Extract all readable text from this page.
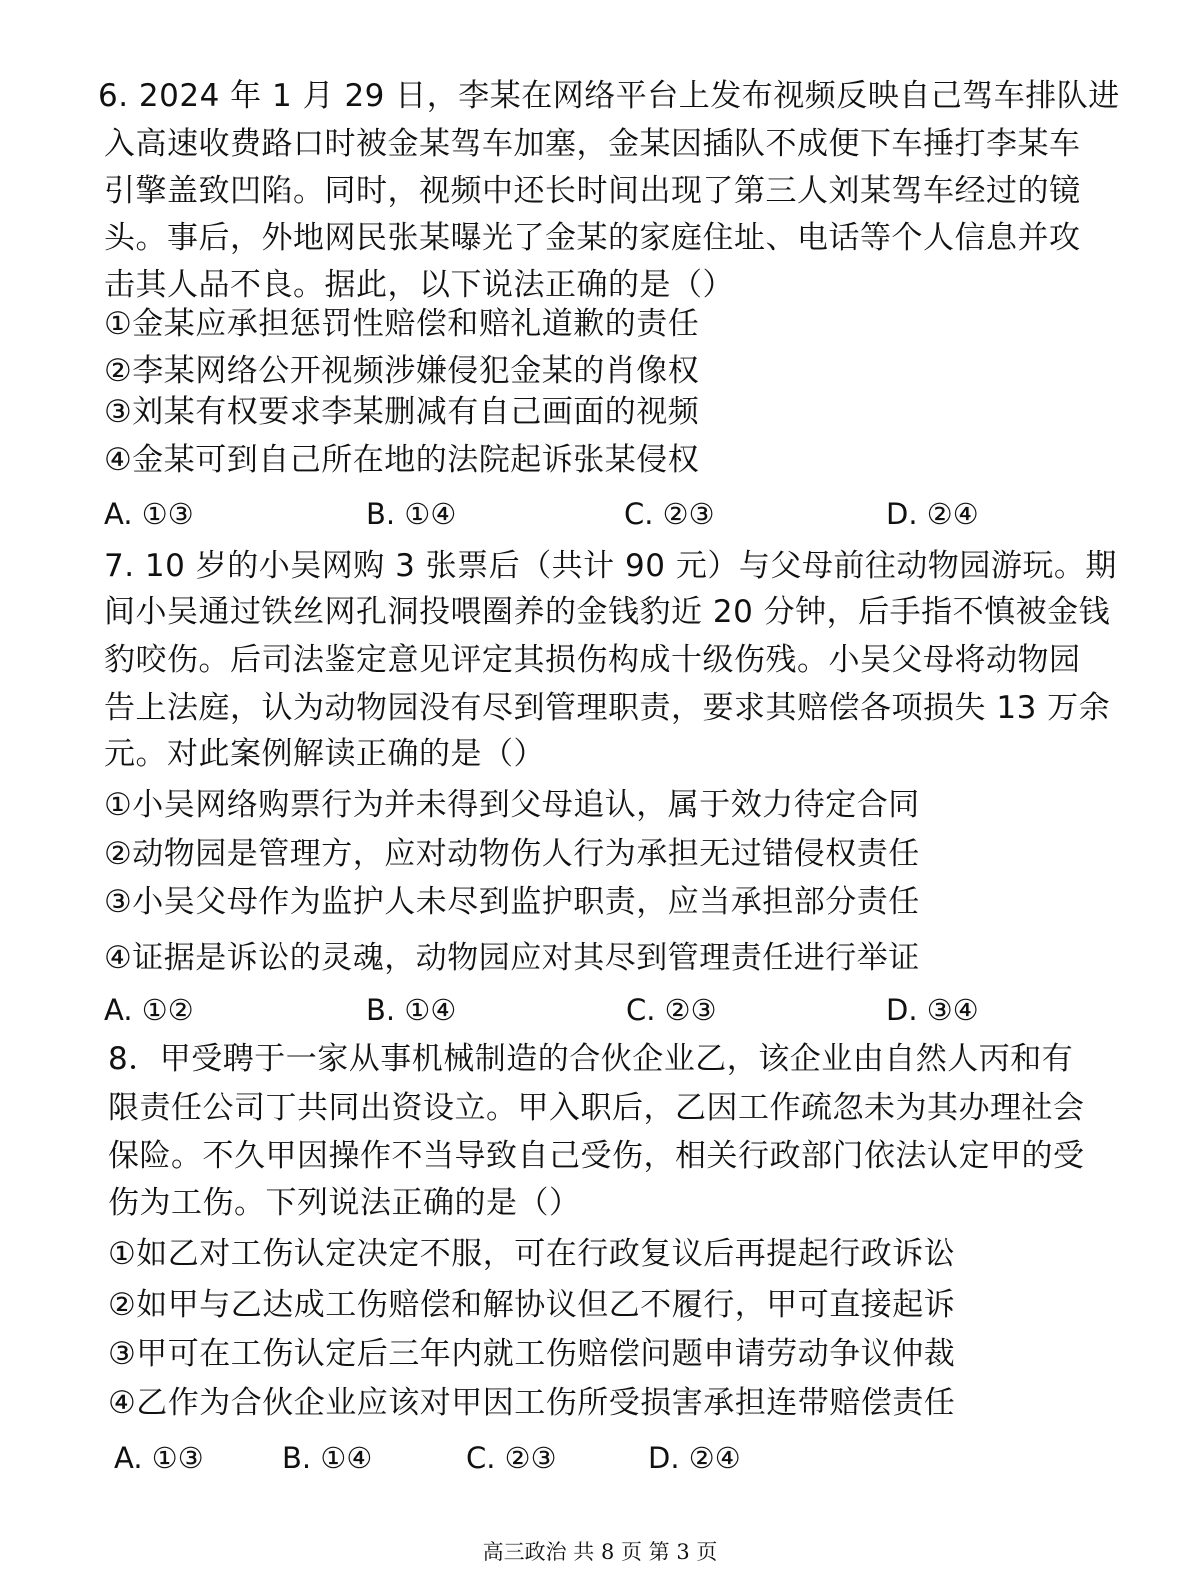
6. 2024 年 1 月 29 日，李某在网络平台上发布视频反映自己驾车排队进
入高速收费路口时被金某驾车加塞，金某因插队不成便下车捶打李某车
引擎盖致凹陷。同时，视频中还长时间出现了第三人刘某驾车经过的镜
头。事后，外地网民张某曝光了金某的家庭住址、电话等个人信息并攻
击其人品不良。据此，以下说法正确的是（）
①金某应承担惩罚性赔偿和赔礼道歉的责任
②李某网络公开视频涉嫌侵犯金某的肖像权
③刘某有权要求李某删减有自己画面的视频
④金某可到自己所在地的法院起诉张某侵权
A. ①③	B. ①④	C. ②③	D. ②④
7. 10 岁的小吴网购 3 张票后（共计 90 元）与父母前往动物园游玩。期
间小吴通过铁丝网孔洞投喂圈养的金钱豹近 20 分钟，后手指不慎被金钱
豹咬伤。后司法鉴定意见评定其损伤构成十级伤残。小吴父母将动物园
告上法庭，认为动物园没有尽到管理职责，要求其赔偿各项损失 13 万余
元。对此案例解读正确的是（）
①小吴网络购票行为并未得到父母追认，属于效力待定合同
②动物园是管理方，应对动物伤人行为承担无过错侵权责任
③小吴父母作为监护人未尽到监护职责，应当承担部分责任
④证据是诉讼的灵魂，动物园应对其尽到管理责任进行举证
A. ①②	B. ①④	C. ②③	D. ③④
8．甲受聘于一家从事机械制造的合伙企业乙，该企业由自然人丙和有
限责任公司丁共同出资设立。甲入职后，乙因工作疏忽未为其办理社会
保险。不久甲因操作不当导致自己受伤，相关行政部门依法认定甲的受
伤为工伤。下列说法正确的是（）
①如乙对工伤认定决定不服，可在行政复议后再提起行政诉讼
②如甲与乙达成工伤赔偿和解协议但乙不履行，甲可直接起诉
③甲可在工伤认定后三年内就工伤赔偿问题申请劳动争议仲裁
④乙作为合伙企业应该对甲因工伤所受损害承担连带赔偿责任
A. ①③	B. ①④	C. ②③	D. ②④
高三政治 共 8 页 第 3 页
